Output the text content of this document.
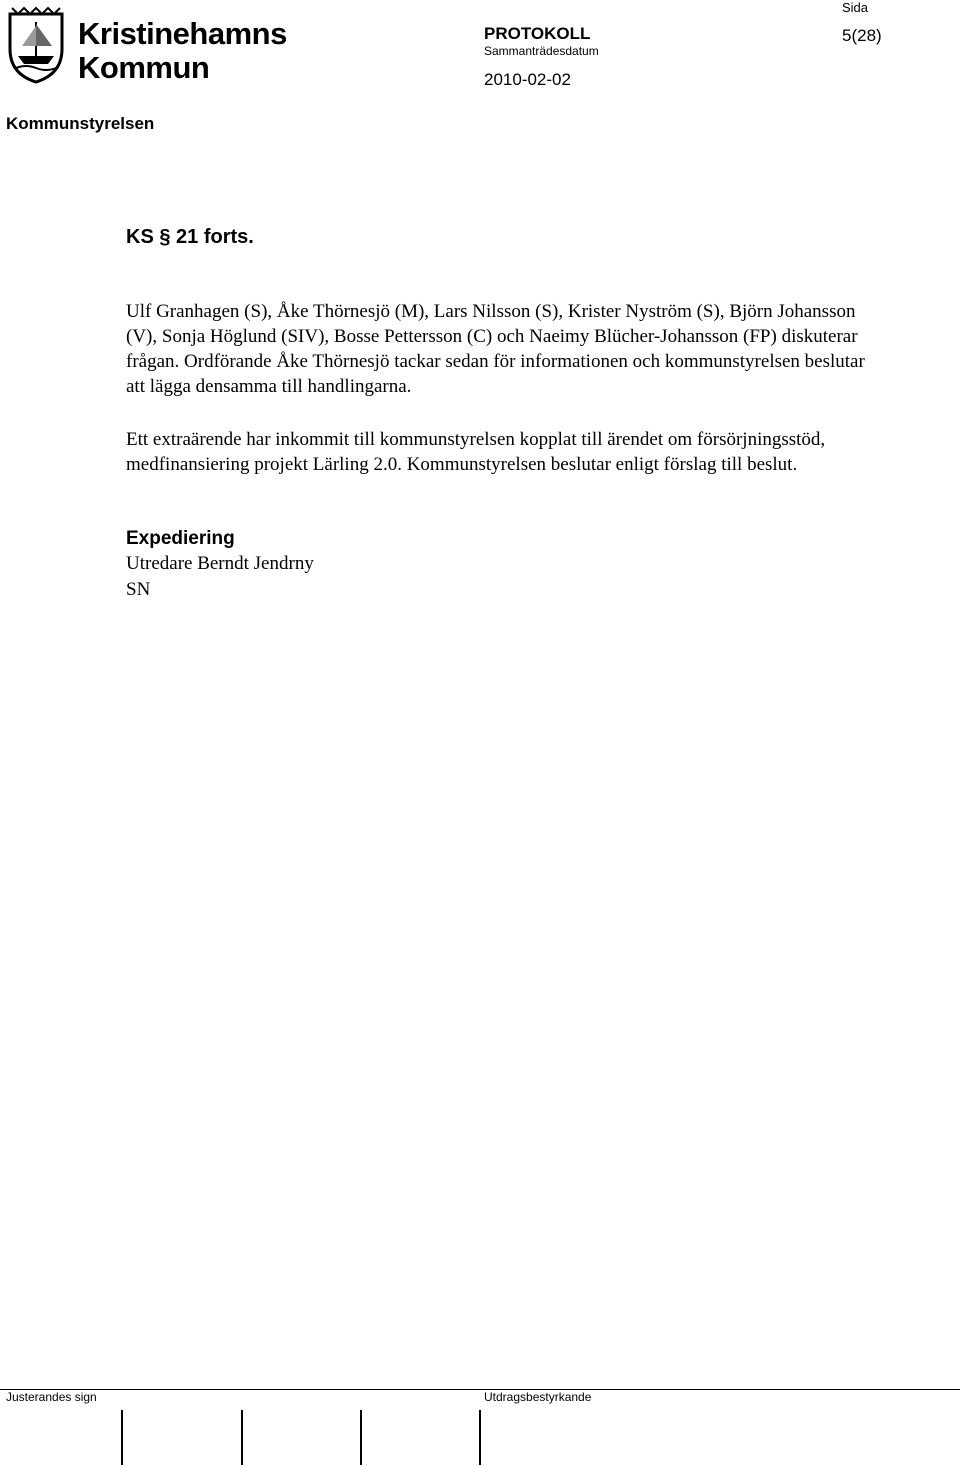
Kristinehamns
Kommun
Sida
5(28)
PROTOKOLL
Sammanträdesdatum
2010-02-02
Kommunstyrelsen
KS § 21 forts.
Ulf Granhagen (S), Åke Thörnesjö (M), Lars Nilsson (S), Krister Nyström (S), Björn Johansson (V), Sonja Höglund (SIV), Bosse Pettersson (C) och Naeimy Blücher-Johansson (FP) diskuterar frågan. Ordförande Åke Thörnesjö tackar sedan för informationen och kommunstyrelsen beslutar att lägga densamma till handlingarna.
Ett extraärende har inkommit till kommunstyrelsen kopplat till ärendet om försörjningsstöd, medfinansiering projekt Lärling 2.0. Kommunstyrelsen beslutar enligt förslag till beslut.
Expediering
Utredare Berndt Jendrny
SN
Justerandes sign	Utdragsbestyrkande
